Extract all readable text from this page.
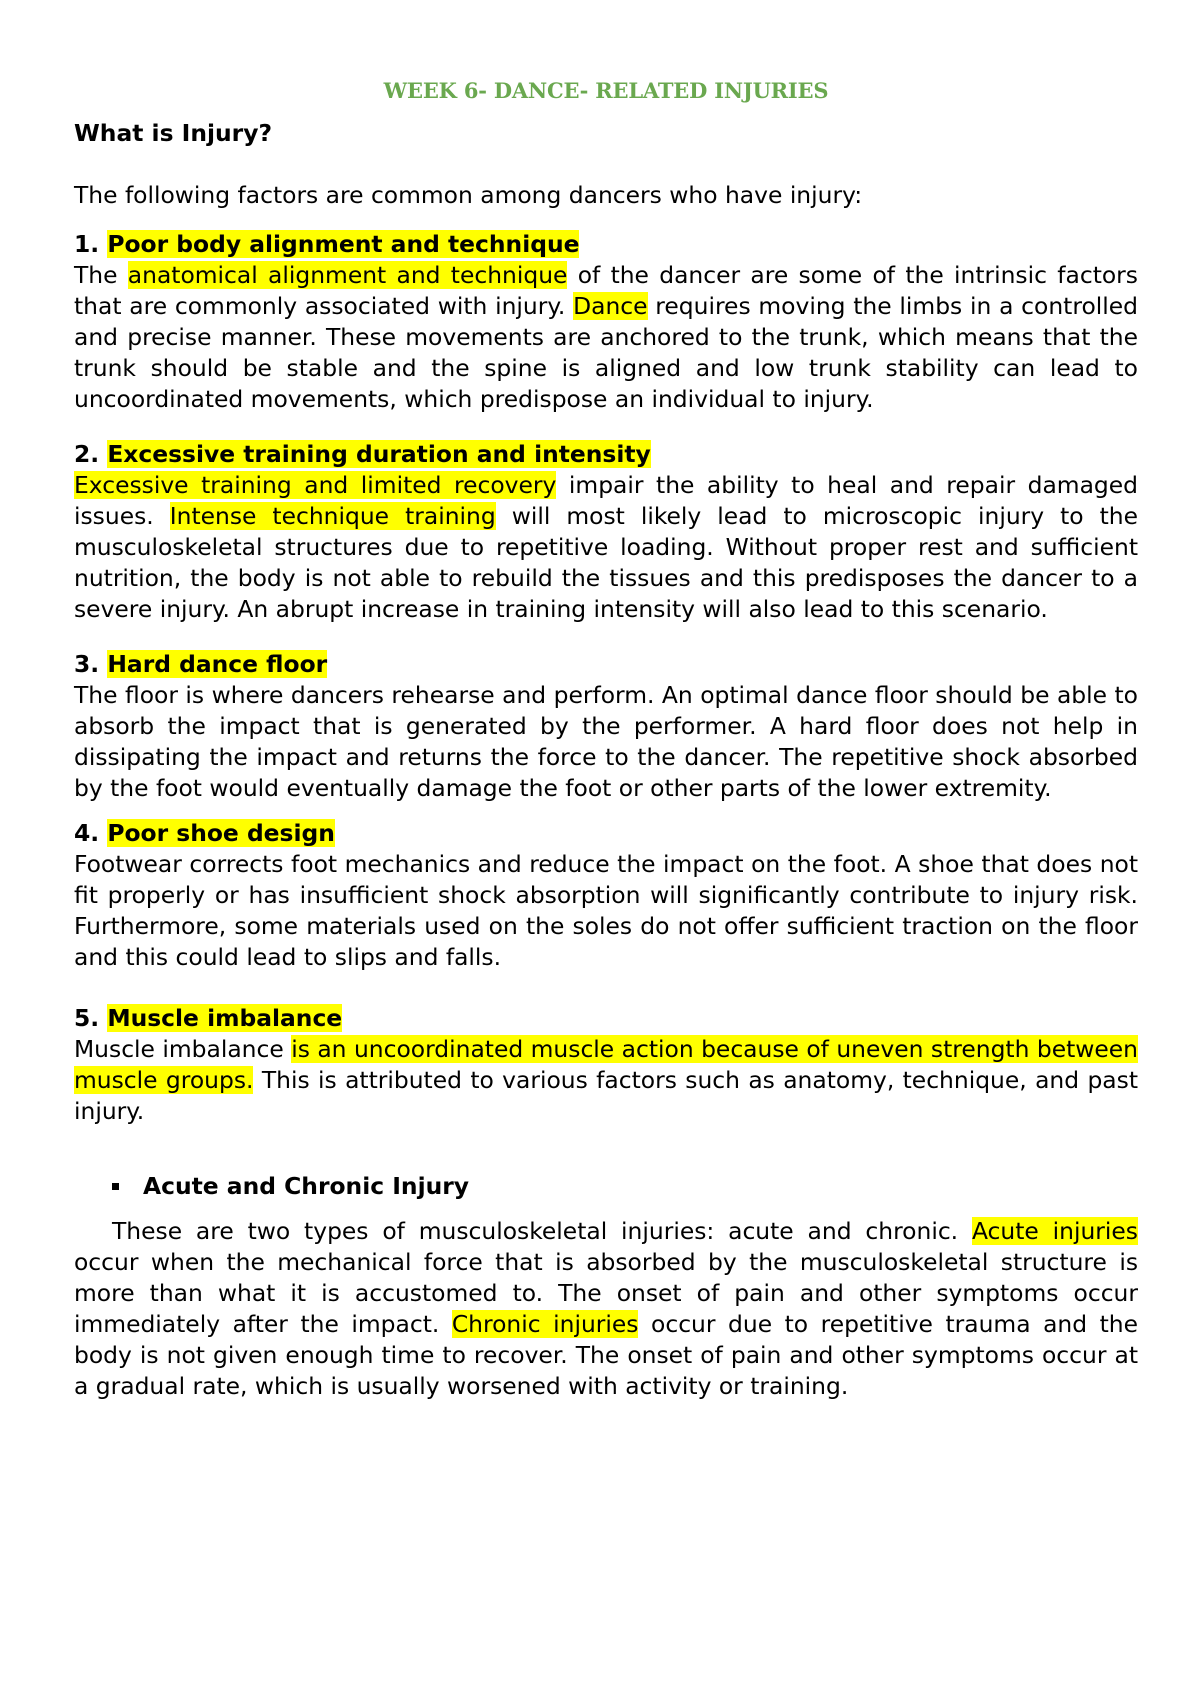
WEEK 6- DANCE- RELATED INJURIES

What is Injury?

The following factors are common among dancers who have injury:

1. Poor body alignment and technique

The anatomical alignment and technique of the dancer are some of the intrinsic factors that are commonly associated with injury. Dance requires moving the limbs in a controlled and precise manner. These movements are anchored to the trunk, which means that the trunk should be stable and the spine is aligned and low trunk stability can lead to uncoordinated movements, which predispose an individual to injury.

2. Excessive training duration and intensity

Excessive training and limited recovery impair the ability to heal and repair damaged issues. Intense technique training will most likely lead to microscopic injury to the musculoskeletal structures due to repetitive loading. Without proper rest and sufficient nutrition, the body is not able to rebuild the tissues and this predisposes the dancer to a severe injury. An abrupt increase in training intensity will also lead to this scenario.

3. Hard dance floor

The floor is where dancers rehearse and perform. An optimal dance floor should be able to absorb the impact that is generated by the performer. A hard floor does not help in dissipating the impact and returns the force to the dancer. The repetitive shock absorbed by the foot would eventually damage the foot or other parts of the lower extremity.

4. Poor shoe design

Footwear corrects foot mechanics and reduce the impact on the foot. A shoe that does not fit properly or has insufficient shock absorption will significantly contribute to injury risk. Furthermore, some materials used on the soles do not offer sufficient traction on the floor and this could lead to slips and falls.

5. Muscle imbalance

Muscle imbalance is an uncoordinated muscle action because of uneven strength between muscle groups. This is attributed to various factors such as anatomy, technique, and past injury.

Acute and Chronic Injury

These are two types of musculoskeletal injuries: acute and chronic. Acute injuries occur when the mechanical force that is absorbed by the musculoskeletal structure is more than what it is accustomed to. The onset of pain and other symptoms occur immediately after the impact. Chronic injuries occur due to repetitive trauma and the body is not given enough time to recover. The onset of pain and other symptoms occur at a gradual rate, which is usually worsened with activity or training.
